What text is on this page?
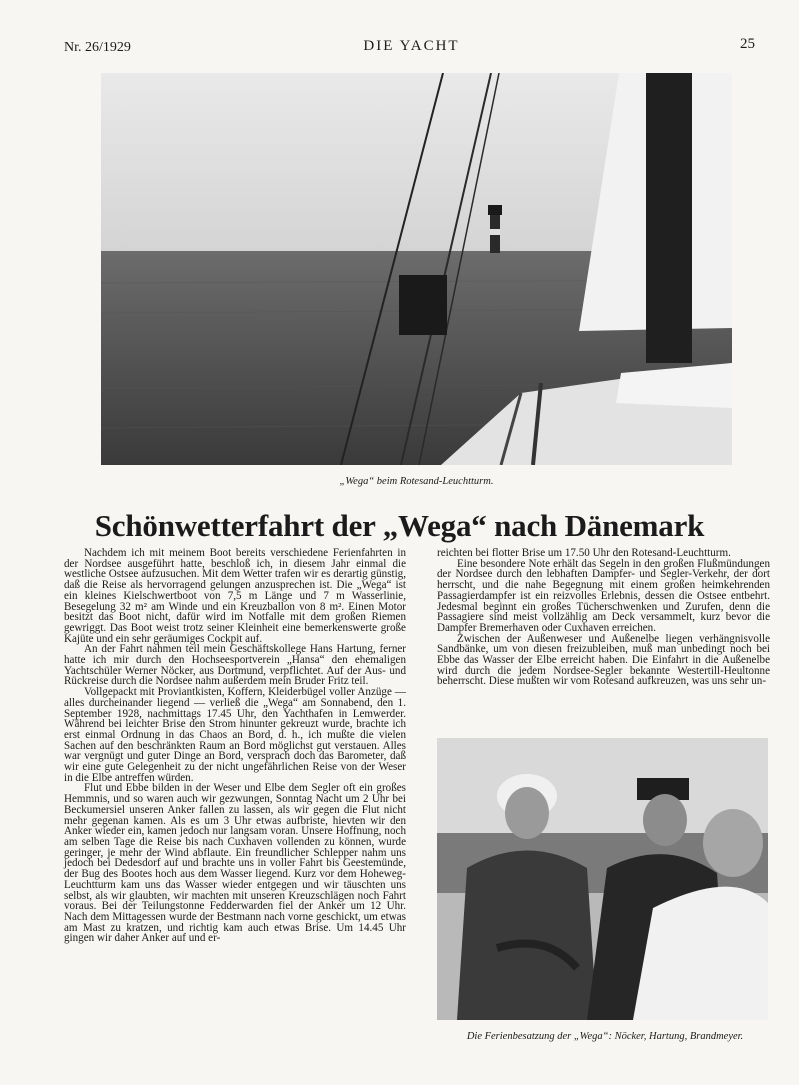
Nr. 26/1929	DIE YACHT	25
„Wega“ beim Rotesand-Leuchtturm.
Schönwetterfahrt der „Wega“ nach Dänemark

Nachdem ich mit meinem Boot bereits verschiedene Ferienfahrten in der Nordsee ausgeführt hatte, beschloß ich, in diesem Jahr einmal die westliche Ostsee aufzusuchen. Mit dem Wetter trafen wir es derartig günstig, daß die Reise als hervorragend gelungen anzusprechen ist. Die „Wega“ ist ein kleines Kielschwertboot von 7,5 m Länge und 7 m Wasserlinie, Besegelung 32 m² am Winde und ein Kreuzballon von 8 m². Einen Motor besitzt das Boot nicht, dafür wird im Notfalle mit dem großen Riemen gewriggt. Das Boot weist trotz seiner Kleinheit eine bemerkenswerte große Kajüte und ein sehr geräumiges Cockpit auf.

An der Fahrt nahmen teil mein Geschäftskollege Hans Hartung, ferner hatte ich mir durch den Hochseesportverein „Hansa“ den ehemaligen Yachtschüler Werner Nöcker, aus Dortmund, verpflichtet. Auf der Aus- und Rückreise durch die Nordsee nahm außerdem mein Bruder Fritz teil.

Vollgepackt mit Proviantkisten, Koffern, Kleiderbügel voller Anzüge — alles durcheinander liegend — verließ die „Wega“ am Sonnabend, den 1. September 1928, nachmittags 17.45 Uhr, den Yachthafen in Lemwerder. Während bei leichter Brise den Strom hinunter gekreuzt wurde, brachte ich erst einmal Ordnung in das Chaos an Bord, d. h., ich mußte die vielen Sachen auf den beschränkten Raum an Bord möglichst gut verstauen. Alles war vergnügt und guter Dinge an Bord, versprach doch das Barometer, daß wir eine gute Gelegenheit zu der nicht ungefährlichen Reise von der Weser in die Elbe antreffen würden.

Flut und Ebbe bilden in der Weser und Elbe dem Segler oft ein großes Hemmnis, und so waren auch wir gezwungen, Sonntag Nacht um 2 Uhr bei Beckumersiel unseren Anker fallen zu lassen, als wir gegen die Flut nicht mehr gegenan kamen. Als es um 3 Uhr etwas aufbriste, hievten wir den Anker wieder ein, kamen jedoch nur langsam voran. Unsere Hoffnung, noch am selben Tage die Reise bis nach Cuxhaven vollenden zu können, wurde geringer, je mehr der Wind abflaute. Ein freundlicher Schlepper nahm uns jedoch bei Dedesdorf auf und brachte uns in voller Fahrt bis Geestemünde, der Bug des Bootes hoch aus dem Wasser liegend. Kurz vor dem Hoheweg-Leuchtturm kam uns das Wasser wieder entgegen und wir täuschten uns selbst, als wir glaubten, wir machten mit unseren Kreuzschlägen noch Fahrt voraus. Bei der Teilungstonne Fedderwarden fiel der Anker um 12 Uhr. Nach dem Mittagessen wurde der Bestmann nach vorne geschickt, um etwas am Mast zu kratzen, und richtig kam auch etwas Brise. Um 14.45 Uhr gingen wir daher Anker auf und er-

reichten bei flotter Brise um 17.50 Uhr den Rotesand-Leuchtturm.

Eine besondere Note erhält das Segeln in den großen Flußmündungen der Nordsee durch den lebhaften Dampfer- und Segler-Verkehr, der dort herrscht, und die nahe Begegnung mit einem großen heimkehrenden Passagierdampfer ist ein reizvolles Erlebnis, dessen die Ostsee entbehrt. Jedesmal beginnt ein großes Tücherschwenken und Zurufen, denn die Passagiere sind meist vollzählig am Deck versammelt, kurz bevor die Dampfer Bremerhaven oder Cuxhaven erreichen.

Zwischen der Außenweser und Außenelbe liegen verhängnisvolle Sandbänke, um von diesen freizubleiben, muß man unbedingt noch bei Ebbe das Wasser der Elbe erreicht haben. Die Einfahrt in die Außenelbe wird durch die jedem Nordsee-Segler bekannte Westertill-Heultonne beherrscht. Diese mußten wir vom Rotesand aufkreuzen, was uns sehr un-

Die Ferienbesatzung der „Wega“: Nöcker, Hartung, Brandmeyer.
